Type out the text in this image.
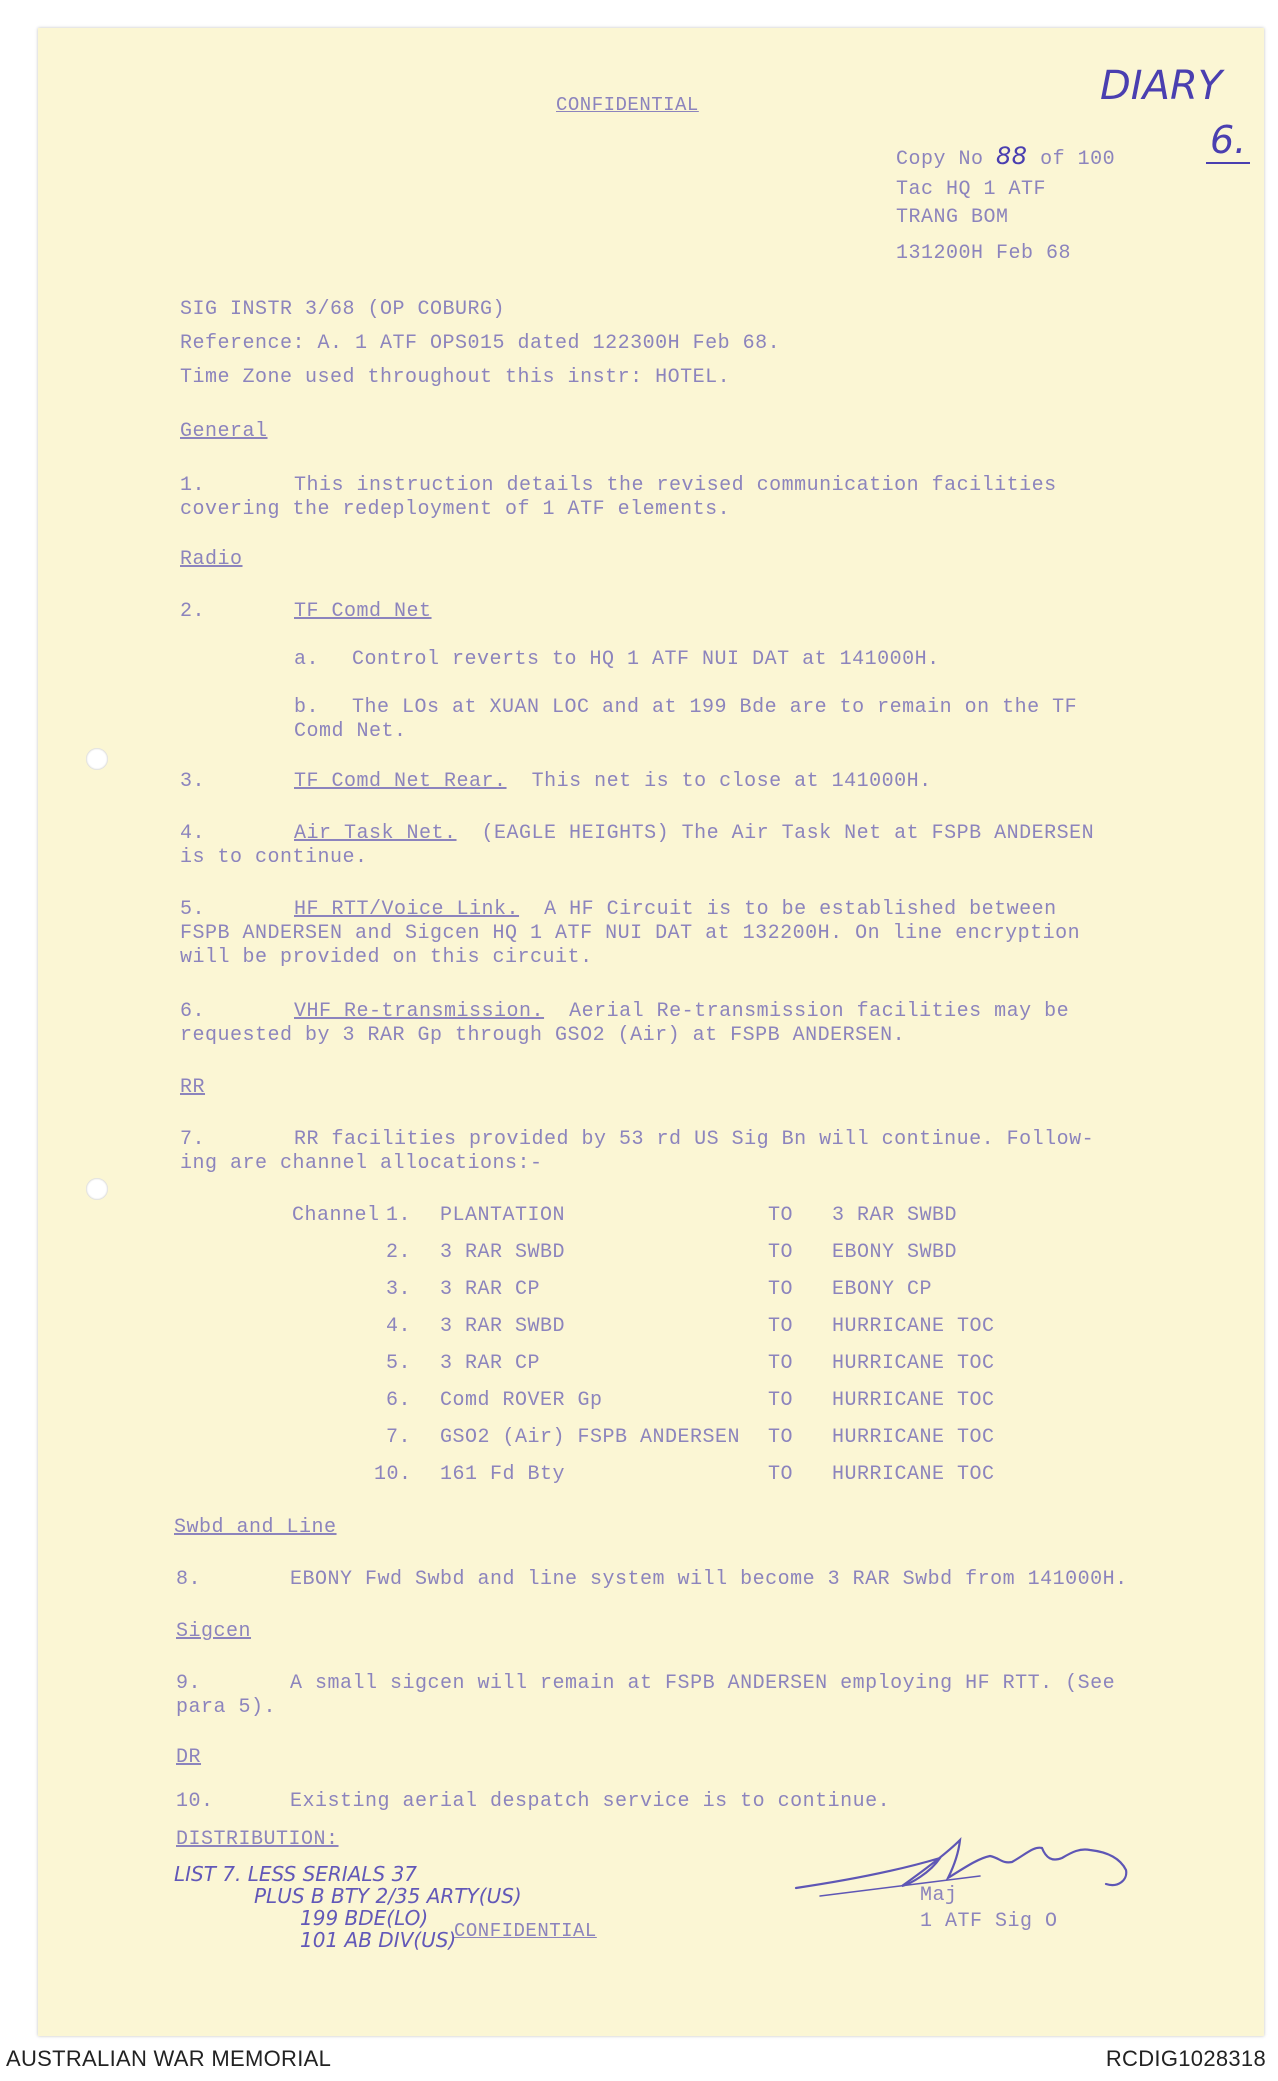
DIARY
6.
CONFIDENTIAL
Copy No 88 of 100
Tac HQ 1 ATF
TRANG BOM
131200H Feb 68
SIG INSTR 3/68 (OP COBURG)
Reference: A. 1 ATF OPS015 dated 122300H Feb 68.
Time Zone used throughout this instr: HOTEL.
General
1.	This instruction details the revised communication facilities
covering the redeployment of 1 ATF elements.
Radio
2.	TF Comd Net
a. Control reverts to HQ 1 ATF NUI DAT at 141000H.
b. The LOs at XUAN LOC and at 199 Bde are to remain on the TF
Comd Net.
3.	TF Comd Net Rear. This net is to close at 141000H.
4.	Air Task Net. (EAGLE HEIGHTS) The Air Task Net at FSPB ANDERSEN
is to continue.
5.	HF RTT/Voice Link. A HF Circuit is to be established between
FSPB ANDERSEN and Sigcen HQ 1 ATF NUI DAT at 132200H. On line encryption
will be provided on this circuit.
6.	VHF Re-transmission. Aerial Re-transmission facilities may be
requested by 3 RAR Gp through GSO2 (Air) at FSPB ANDERSEN.
RR
7.	RR facilities provided by 53 rd US Sig Bn will continue. Follow-
ing are channel allocations:-
Channel 1. PLANTATION	TO 3 RAR SWBD
2. 3 RAR SWBD	TO EBONY SWBD
3. 3 RAR CP	TO EBONY CP
4. 3 RAR SWBD	TO HURRICANE TOC
5. 3 RAR CP	TO HURRICANE TOC
6. Comd ROVER Gp	TO HURRICANE TOC
7. GSO2 (Air) FSPB ANDERSEN TO HURRICANE TOC
10. 161 Fd Bty	TO HURRICANE TOC
Swbd and Line
8.	EBONY Fwd Swbd and line system will become 3 RAR Swbd from 141000H.
Sigcen
9.	A small sigcen will remain at FSPB ANDERSEN employing HF RTT. (See
para 5).
DR
10.	Existing aerial despatch service is to continue.
DISTRIBUTION:
LIST 7. LESS SERIALS 37
PLUS B BTY 2/35 ARTY(US)
199 BDE(LO)
101 AB DIV(US)
CONFIDENTIAL
Maj
1 ATF Sig O
AUSTRALIAN WAR MEMORIAL	RCDIG1028318
